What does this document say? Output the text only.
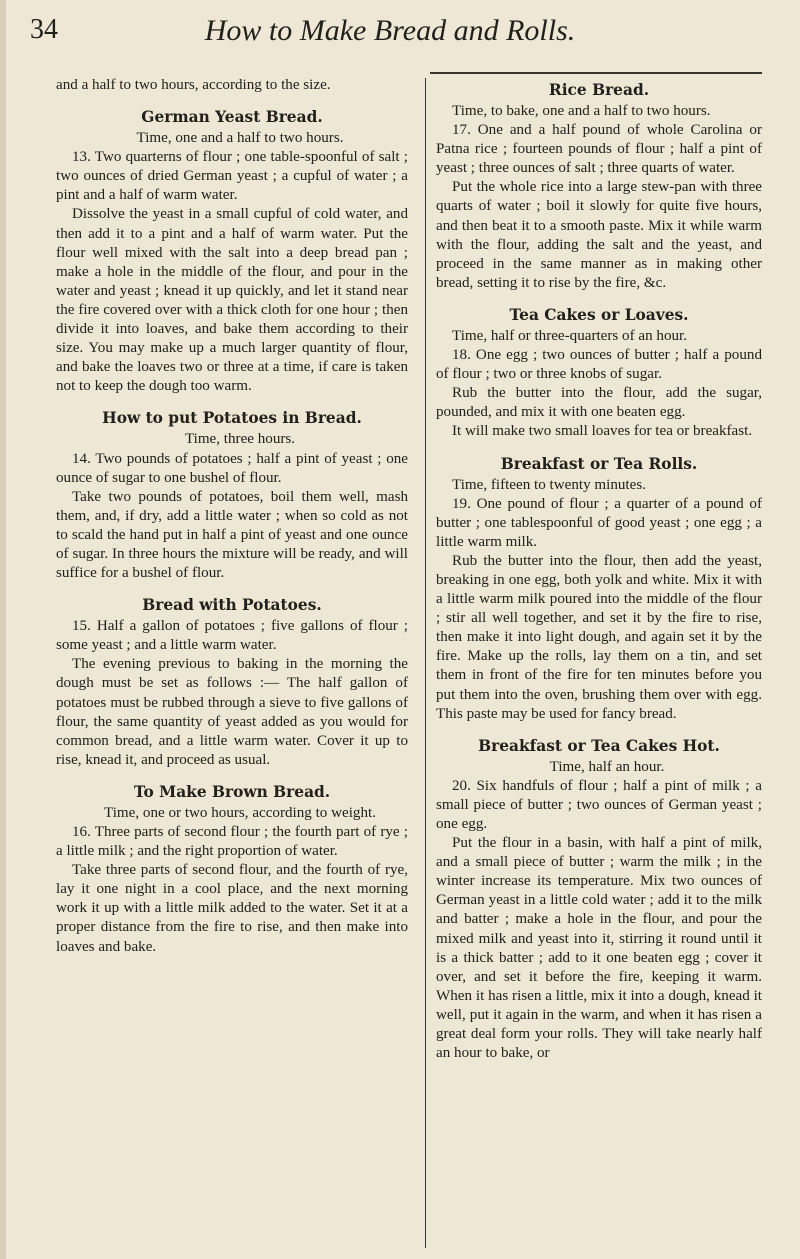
34	How to Make Bread and Rolls.

and a half to two hours, according to the size.

German Yeast Bread.

Time, one and a half to two hours.

13. Two quarterns of flour ; one table-spoonful of salt ; two ounces of dried German yeast ; a cupful of water ; a pint and a half of warm water.

Dissolve the yeast in a small cupful of cold water, and then add it to a pint and a half of warm water. Put the flour well mixed with the salt into a deep bread pan ; make a hole in the middle of the flour, and pour in the water and yeast ; knead it up quickly, and let it stand near the fire covered over with a thick cloth for one hour ; then divide it into loaves, and bake them according to their size. You may make up a much larger quantity of flour, and bake the loaves two or three at a time, if care is taken not to keep the dough too warm.

How to put Potatoes in Bread.

Time, three hours.

14. Two pounds of potatoes ; half a pint of yeast ; one ounce of sugar to one bushel of flour.

Take two pounds of potatoes, boil them well, mash them, and, if dry, add a little water ; when so cold as not to scald the hand put in half a pint of yeast and one ounce of sugar. In three hours the mixture will be ready, and will suffice for a bushel of flour.

Bread with Potatoes.

15. Half a gallon of potatoes ; five gallons of flour ; some yeast ; and a little warm water.

The evening previous to baking in the morning the dough must be set as follows :— The half gallon of potatoes must be rubbed through a sieve to five gallons of flour, the same quantity of yeast added as you would for common bread, and a little warm water. Cover it up to rise, knead it, and proceed as usual.

To Make Brown Bread.

Time, one or two hours, according to weight.

16. Three parts of second flour ; the fourth part of rye ; a little milk ; and the right proportion of water.

Take three parts of second flour, and the fourth of rye, lay it one night in a cool place, and the next morning work it up with a little milk added to the water. Set it at a proper distance from the fire to rise, and then make into loaves and bake.

Rice Bread.

Time, to bake, one and a half to two hours.

17. One and a half pound of whole Carolina or Patna rice ; fourteen pounds of flour ; half a pint of yeast ; three ounces of salt ; three quarts of water.

Put the whole rice into a large stew-pan with three quarts of water ; boil it slowly for quite five hours, and then beat it to a smooth paste. Mix it while warm with the flour, adding the salt and the yeast, and proceed in the same manner as in making other bread, setting it to rise by the fire, &c.

Tea Cakes or Loaves.

Time, half or three-quarters of an hour.

18. One egg ; two ounces of butter ; half a pound of flour ; two or three knobs of sugar.

Rub the butter into the flour, add the sugar, pounded, and mix it with one beaten egg.

It will make two small loaves for tea or breakfast.

Breakfast or Tea Rolls.

Time, fifteen to twenty minutes.

19. One pound of flour ; a quarter of a pound of butter ; one tablespoonful of good yeast ; one egg ; a little warm milk.

Rub the butter into the flour, then add the yeast, breaking in one egg, both yolk and white. Mix it with a little warm milk poured into the middle of the flour ; stir all well together, and set it by the fire to rise, then make it into light dough, and again set it by the fire. Make up the rolls, lay them on a tin, and set them in front of the fire for ten minutes before you put them into the oven, brushing them over with egg. This paste may be used for fancy bread.

Breakfast or Tea Cakes Hot.

Time, half an hour.

20. Six handfuls of flour ; half a pint of milk ; a small piece of butter ; two ounces of German yeast ; one egg.

Put the flour in a basin, with half a pint of milk, and a small piece of butter ; warm the milk ; in the winter increase its temperature. Mix two ounces of German yeast in a little cold water ; add it to the milk and batter ; make a hole in the flour, and pour the mixed milk and yeast into it, stirring it round until it is a thick batter ; add to it one beaten egg ; cover it over, and set it before the fire, keeping it warm. When it has risen a little, mix it into a dough, knead it well, put it again in the warm, and when it has risen a great deal form your rolls. They will take nearly half an hour to bake, or
